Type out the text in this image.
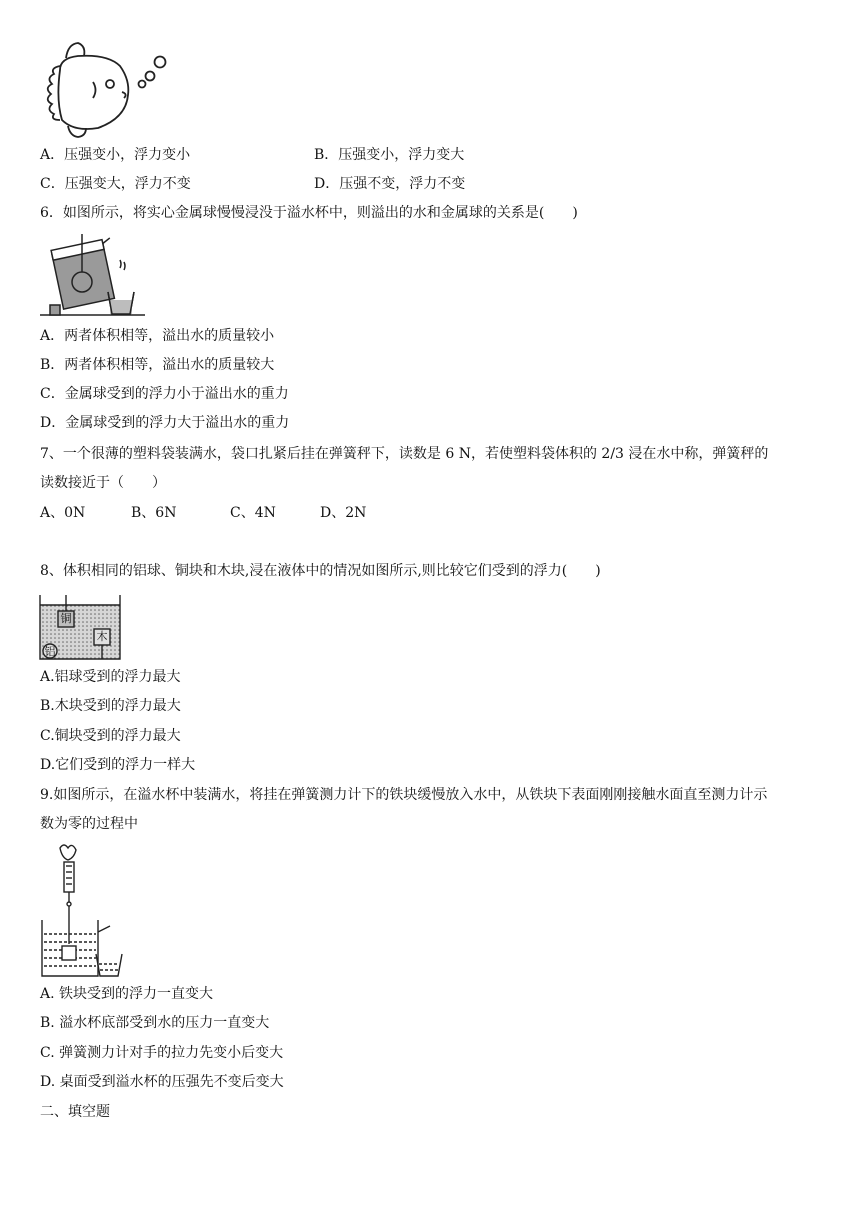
A．压强变小，浮力变小	B．压强变小，浮力变大
C．压强变大，浮力不变	D．压强不变，浮力不变
6．如图所示，将实心金属球慢慢浸没于溢水杯中，则溢出的水和金属球的关系是(　　)
A．两者体积相等，溢出水的质量较小
B．两者体积相等，溢出水的质量较大
C．金属球受到的浮力小于溢出水的重力
D．金属球受到的浮力大于溢出水的重力
7、一个很薄的塑料袋装满水，袋口扎紧后挂在弹簧秤下，读数是 6 N，若使塑料袋体积的 2/3 浸在水中称，弹簧秤的
读数接近于（　　）
A、0N	B、6N	C、4N	D、2N
8、体积相同的铝球、铜块和木块,浸在液体中的情况如图所示,则比较它们受到的浮力(　　)
铜
木
铝
A.铝球受到的浮力最大
B.木块受到的浮力最大
C.铜块受到的浮力最大
D.它们受到的浮力一样大
9.如图所示，在溢水杯中装满水，将挂在弹簧测力计下的铁块缓慢放入水中，从铁块下表面刚刚接触水面直至测力计示
数为零的过程中
A. 铁块受到的浮力一直变大
B. 溢水杯底部受到水的压力一直变大
C. 弹簧测力计对手的拉力先变小后变大
D. 桌面受到溢水杯的压强先不变后变大
二、填空题
